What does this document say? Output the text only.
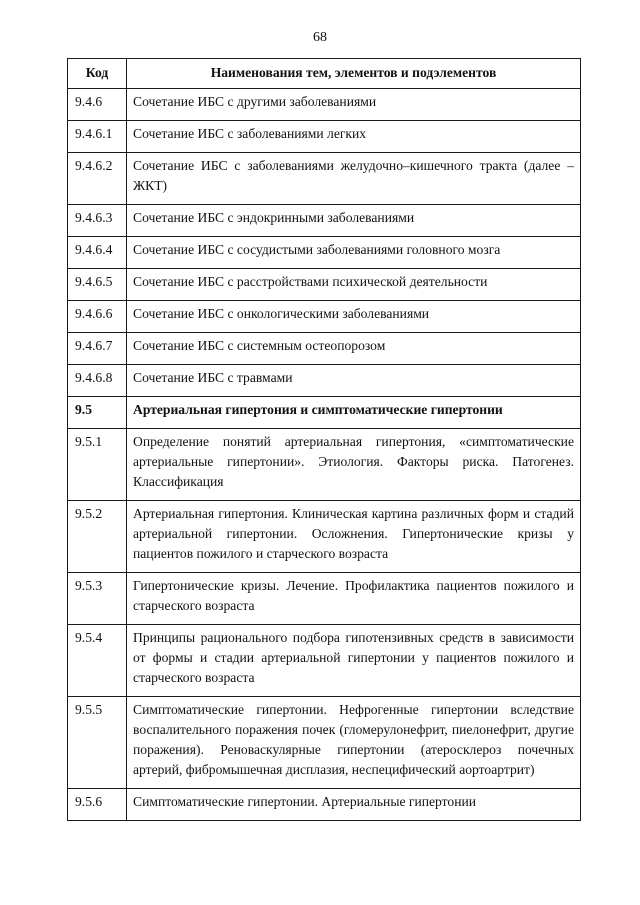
68
Код	Наименования тем, элементов и подэлементов
9.4.6	Сочетание ИБС с другими заболеваниями
9.4.6.1	Сочетание ИБС с заболеваниями легких
9.4.6.2	Сочетание ИБС с заболеваниями желудочно–кишечного тракта (далее – ЖКТ)
9.4.6.3	Сочетание ИБС с эндокринными заболеваниями
9.4.6.4	Сочетание ИБС с сосудистыми заболеваниями головного мозга
9.4.6.5	Сочетание ИБС с расстройствами психической деятельности
9.4.6.6	Сочетание ИБС с онкологическими заболеваниями
9.4.6.7	Сочетание ИБС с системным остеопорозом
9.4.6.8	Сочетание ИБС с травмами
9.5	Артериальная гипертония и симптоматические гипертонии
9.5.1	Определение понятий артериальная гипертония, «симптоматические артериальные гипертонии». Этиология. Факторы риска. Патогенез. Классификация
9.5.2	Артериальная гипертония. Клиническая картина различных форм и стадий артериальной гипертонии. Осложнения. Гипертонические кризы у пациентов пожилого и старческого возраста
9.5.3	Гипертонические кризы. Лечение. Профилактика пациентов пожилого и старческого возраста
9.5.4	Принципы рационального подбора гипотензивных средств в зависимости от формы и стадии артериальной гипертонии у пациентов пожилого и старческого возраста
9.5.5	Симптоматические гипертонии. Нефрогенные гипертонии вследствие воспалительного поражения почек (гломерулонефрит, пиелонефрит, другие поражения). Реноваскулярные гипертонии (атеросклероз почечных артерий, фибромышечная дисплазия, неспецифический аортоартрит)
9.5.6	Симптоматические гипертонии. Артериальные гипертонии
